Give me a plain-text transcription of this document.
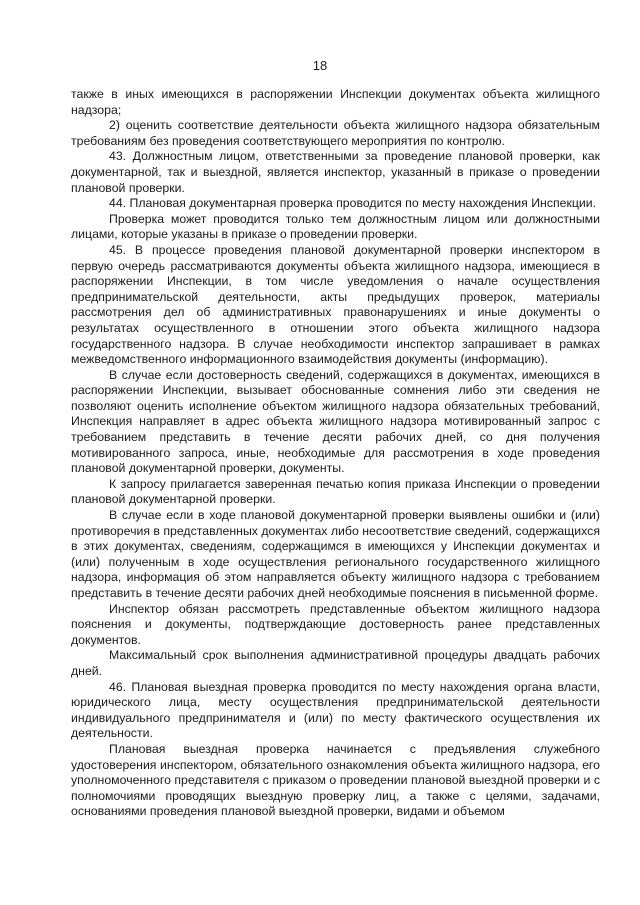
18

также в иных имеющихся в распоряжении Инспекции документах объекта жилищного надзора;

2) оценить соответствие деятельности объекта жилищного надзора обязательным требованиям без проведения соответствующего мероприятия по контролю.

43. Должностным лицом, ответственными за проведение плановой проверки, как документарной, так и выездной, является инспектор, указанный в приказе о проведении плановой проверки.

44. Плановая документарная проверка проводится по месту нахождения Инспекции.

Проверка может проводится только тем должностным лицом или должностными лицами, которые указаны в приказе о проведении проверки.

45. В процессе проведения плановой документарной проверки инспектором в первую очередь рассматриваются документы объекта жилищного надзора, имеющиеся в распоряжении Инспекции, в том числе уведомления о начале осуществления предпринимательской деятельности, акты предыдущих проверок, материалы рассмотрения дел об административных правонарушениях и иные документы о результатах осуществленного в отношении этого объекта жилищного надзора государственного надзора. В случае необходимости инспектор запрашивает в рамках межведомственного информационного взаимодействия документы (информацию).

В случае если достоверность сведений, содержащихся в документах, имеющихся в распоряжении Инспекции, вызывает обоснованные сомнения либо эти сведения не позволяют оценить исполнение объектом жилищного надзора обязательных требований, Инспекция направляет в адрес объекта жилищного надзора мотивированный запрос с требованием представить в течение десяти рабочих дней, со дня получения мотивированного запроса, иные, необходимые для рассмотрения в ходе проведения плановой документарной проверки, документы.

К запросу прилагается заверенная печатью копия приказа Инспекции о проведении плановой документарной проверки.

В случае если в ходе плановой документарной проверки выявлены ошибки и (или) противоречия в представленных документах либо несоответствие сведений, содержащихся в этих документах, сведениям, содержащимся в имеющихся у Инспекции документах и (или) полученным в ходе осуществления регионального государственного жилищного надзора, информация об этом направляется объекту жилищного надзора с требованием представить в течение десяти рабочих дней необходимые пояснения в письменной форме.

Инспектор обязан рассмотреть представленные объектом жилищного надзора пояснения и документы, подтверждающие достоверность ранее представленных документов.

Максимальный срок выполнения административной процедуры двадцать рабочих дней.

46. Плановая выездная проверка проводится по месту нахождения органа власти, юридического лица, месту осуществления предпринимательской деятельности индивидуального предпринимателя и (или) по месту фактического осуществления их деятельности.

Плановая выездная проверка начинается с предъявления служебного удостоверения инспектором, обязательного ознакомления объекта жилищного надзора, его уполномоченного представителя с приказом о проведении плановой выездной проверки и с полномочиями проводящих выездную проверку лиц, а также с целями, задачами, основаниями проведения плановой выездной проверки, видами и объемом
